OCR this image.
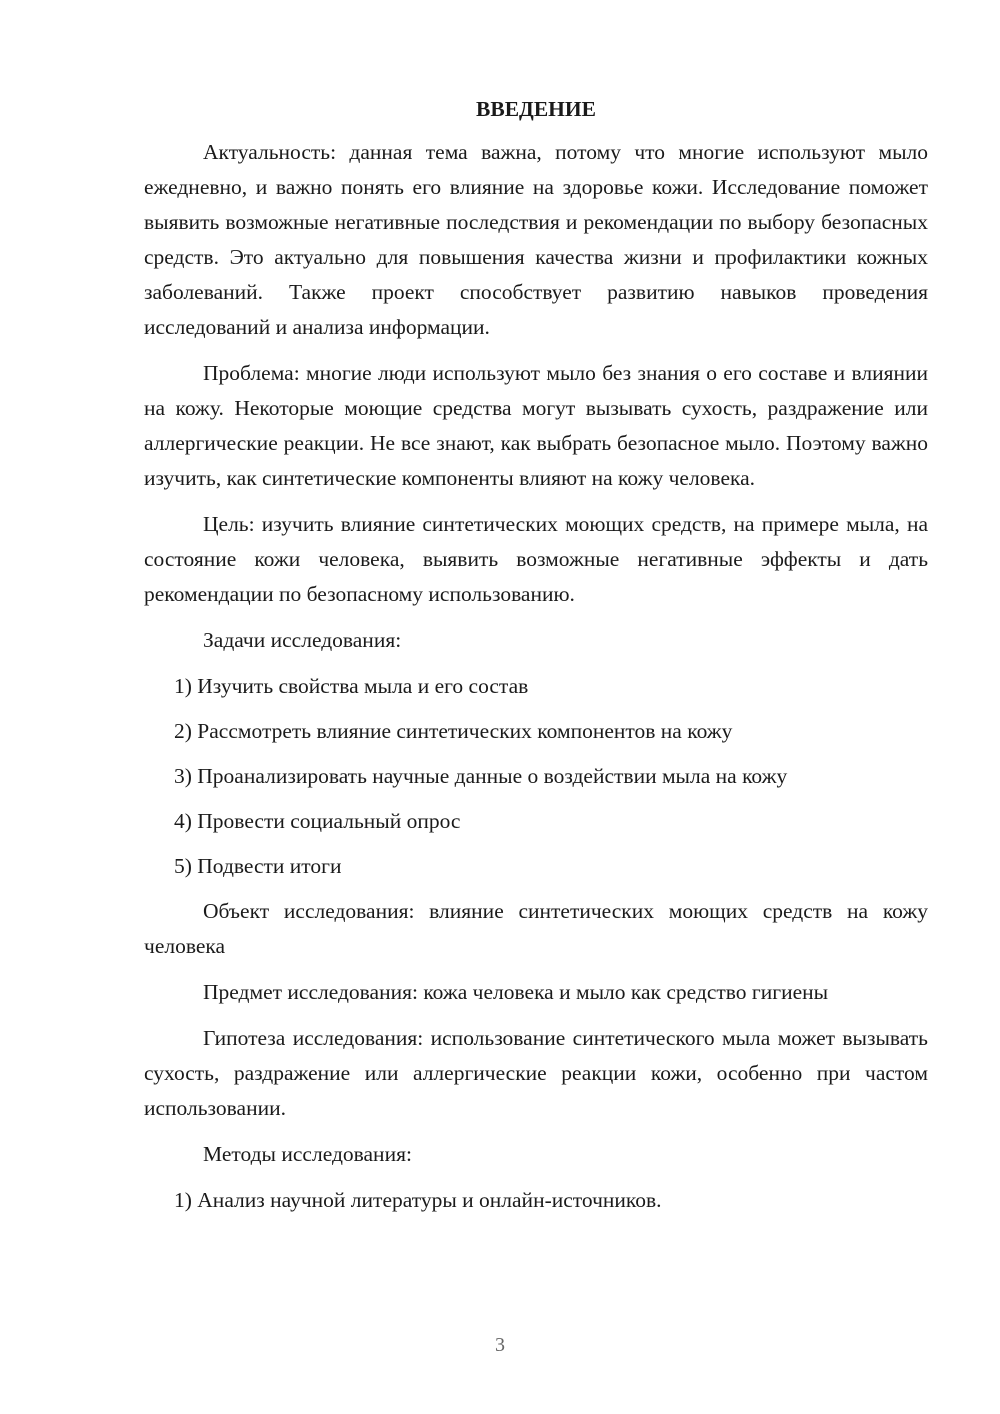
ВВЕДЕНИЕ

Актуальность: данная тема важна, потому что многие используют мыло ежедневно, и важно понять его влияние на здоровье кожи. Исследование поможет выявить возможные негативные последствия и рекомендации по выбору безопасных средств. Это актуально для повышения качества жизни и профилактики кожных заболеваний. Также проект способствует развитию навыков проведения исследований и анализа информации.

Проблема: многие люди используют мыло без знания о его составе и влиянии на кожу. Некоторые моющие средства могут вызывать сухость, раздражение или аллергические реакции. Не все знают, как выбрать безопасное мыло. Поэтому важно изучить, как синтетические компоненты влияют на кожу человека.

Цель: изучить влияние синтетических моющих средств, на примере мыла, на состояние кожи человека, выявить возможные негативные эффекты и дать рекомендации по безопасному использованию.

Задачи исследования:

1) Изучить свойства мыла и его состав
2) Рассмотреть влияние синтетических компонентов на кожу
3) Проанализировать научные данные о воздействии мыла на кожу
4) Провести социальный опрос
5) Подвести итоги

Объект исследования: влияние синтетических моющих средств на кожу человека

Предмет исследования: кожа человека и мыло как средство гигиены

Гипотеза исследования: использование синтетического мыла может вызывать сухость, раздражение или аллергические реакции кожи, особенно при частом использовании.

Методы исследования:

1) Анализ научной литературы и онлайн-источников.
3
